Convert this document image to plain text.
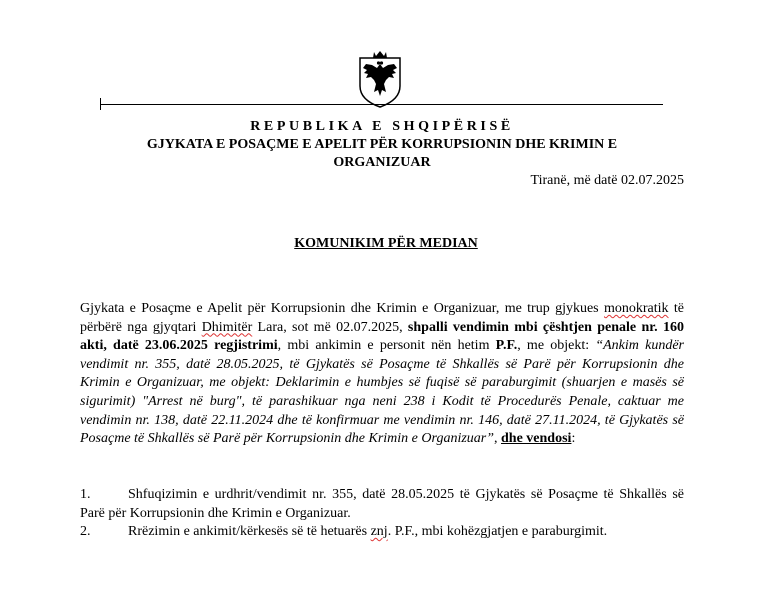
REPUBLIKA E SHQIPËRISË
GJYKATA E POSAÇME E APELIT PËR KORRUPSIONIN DHE KRIMIN E
ORGANIZUAR
Tiranë, më datë 02.07.2025
KOMUNIKIM PËR MEDIAN
Gjykata e Posaçme e Apelit për Korrupsionin dhe Krimin e Organizuar, me trup gjykues monokratik të përbërë nga gjyqtari Dhimitër Lara, sot më 02.07.2025, shpalli vendimin mbi çështjen penale nr. 160 akti, datë 23.06.2025 regjistrimi, mbi ankimin e personit nën hetim P.F., me objekt: “Ankim kundër vendimit nr. 355, datë 28.05.2025, të Gjykatës së Posaçme të Shkallës së Parë për Korrupsionin dhe Krimin e Organizuar, me objekt: Deklarimin e humbjes së fuqisë së paraburgimit (shuarjen e masës së sigurimit) "Arrest në burg", të parashikuar nga neni 238 i Kodit të Procedurës Penale, caktuar me vendimin nr. 138, datë 22.11.2024 dhe të konfirmuar me vendimin nr. 146, datë 27.11.2024, të Gjykatës së Posaçme të Shkallës së Parë për Korrupsionin dhe Krimin e Organizuar”, dhe vendosi:
1.	Shfuqizimin e urdhrit/vendimit nr. 355, datë 28.05.2025 të Gjykatës së Posaçme të Shkallës së Parë për Korrupsionin dhe Krimin e Organizuar.
2.	Rrëzimin e ankimit/kërkesës së të hetuarës znj. P.F., mbi kohëzgjatjen e paraburgimit.
